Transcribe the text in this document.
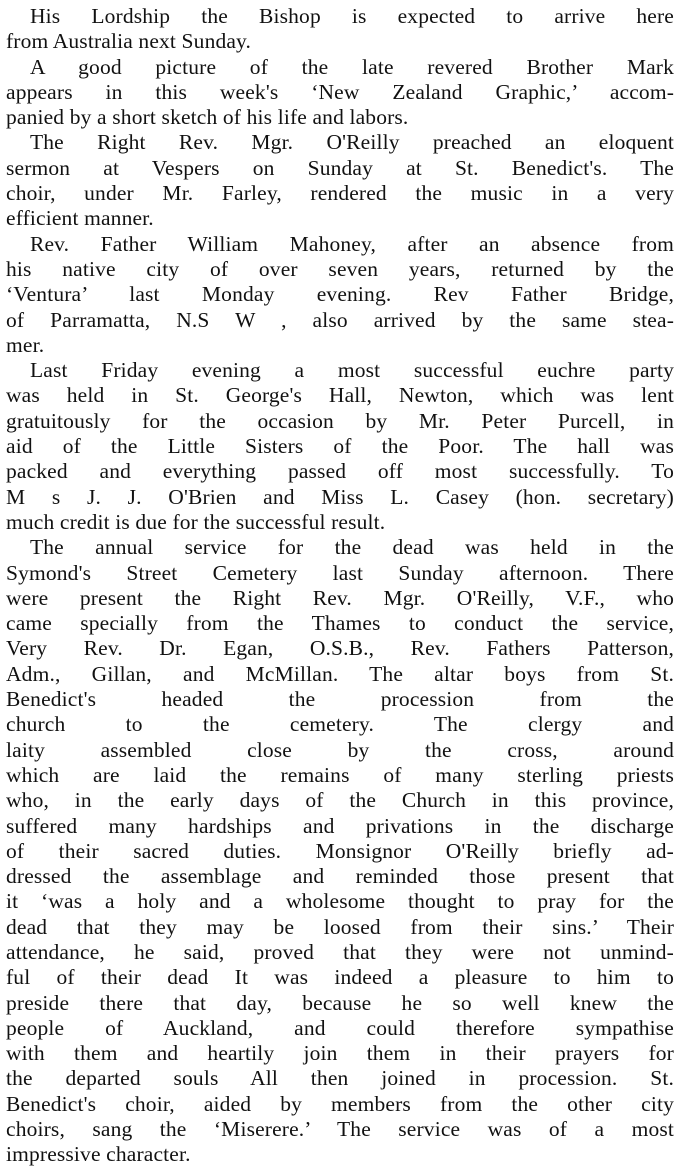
His Lordship the Bishop is expected to arrive here
from Australia next Sunday.

A good picture of the late revered Brother Mark
appears in this week's ‘New Zealand Graphic,’ accom-
panied by a short sketch of his life and labors.

The Right Rev. Mgr. O'Reilly preached an eloquent
sermon at Vespers on Sunday at St. Benedict's. The
choir, under Mr. Farley, rendered the music in a very
efficient manner.

Rev. Father William Mahoney, after an absence from
his native city of over seven years, returned by the
‘Ventura’ last Monday evening. Rev Father Bridge,
of Parramatta, N.S W , also arrived by the same stea-
mer.

Last Friday evening a most successful euchre party
was held in St. George's Hall, Newton, which was lent
gratuitously for the occasion by Mr. Peter Purcell, in
aid of the Little Sisters of the Poor. The hall was
packed and everything passed off most successfully. To
M s J. J. O'Brien and Miss L. Casey (hon. secretary)
much credit is due for the successful result.

The annual service for the dead was held in the
Symond's Street Cemetery last Sunday afternoon. There
were present the Right Rev. Mgr. O'Reilly, V.F., who
came specially from the Thames to conduct the service,
Very Rev. Dr. Egan, O.S.B., Rev. Fathers Patterson,
Adm., Gillan, and McMillan. The altar boys from St.
Benedict's headed the procession from the
church to the cemetery. The clergy and
laity assembled close by the cross, around
which are laid the remains of many sterling priests
who, in the early days of the Church in this province,
suffered many hardships and privations in the discharge
of their sacred duties. Monsignor O'Reilly briefly ad-
dressed the assemblage and reminded those present that
it ‘was a holy and a wholesome thought to pray for the
dead that they may be loosed from their sins.’ Their
attendance, he said, proved that they were not unmind-
ful of their dead It was indeed a pleasure to him to
preside there that day, because he so well knew the
people of Auckland, and could therefore sympathise
with them and heartily join them in their prayers for
the departed souls All then joined in procession. St.
Benedict's choir, aided by members from the other city
choirs, sang the ‘Miserere.’ The service was of a most
impressive character.
